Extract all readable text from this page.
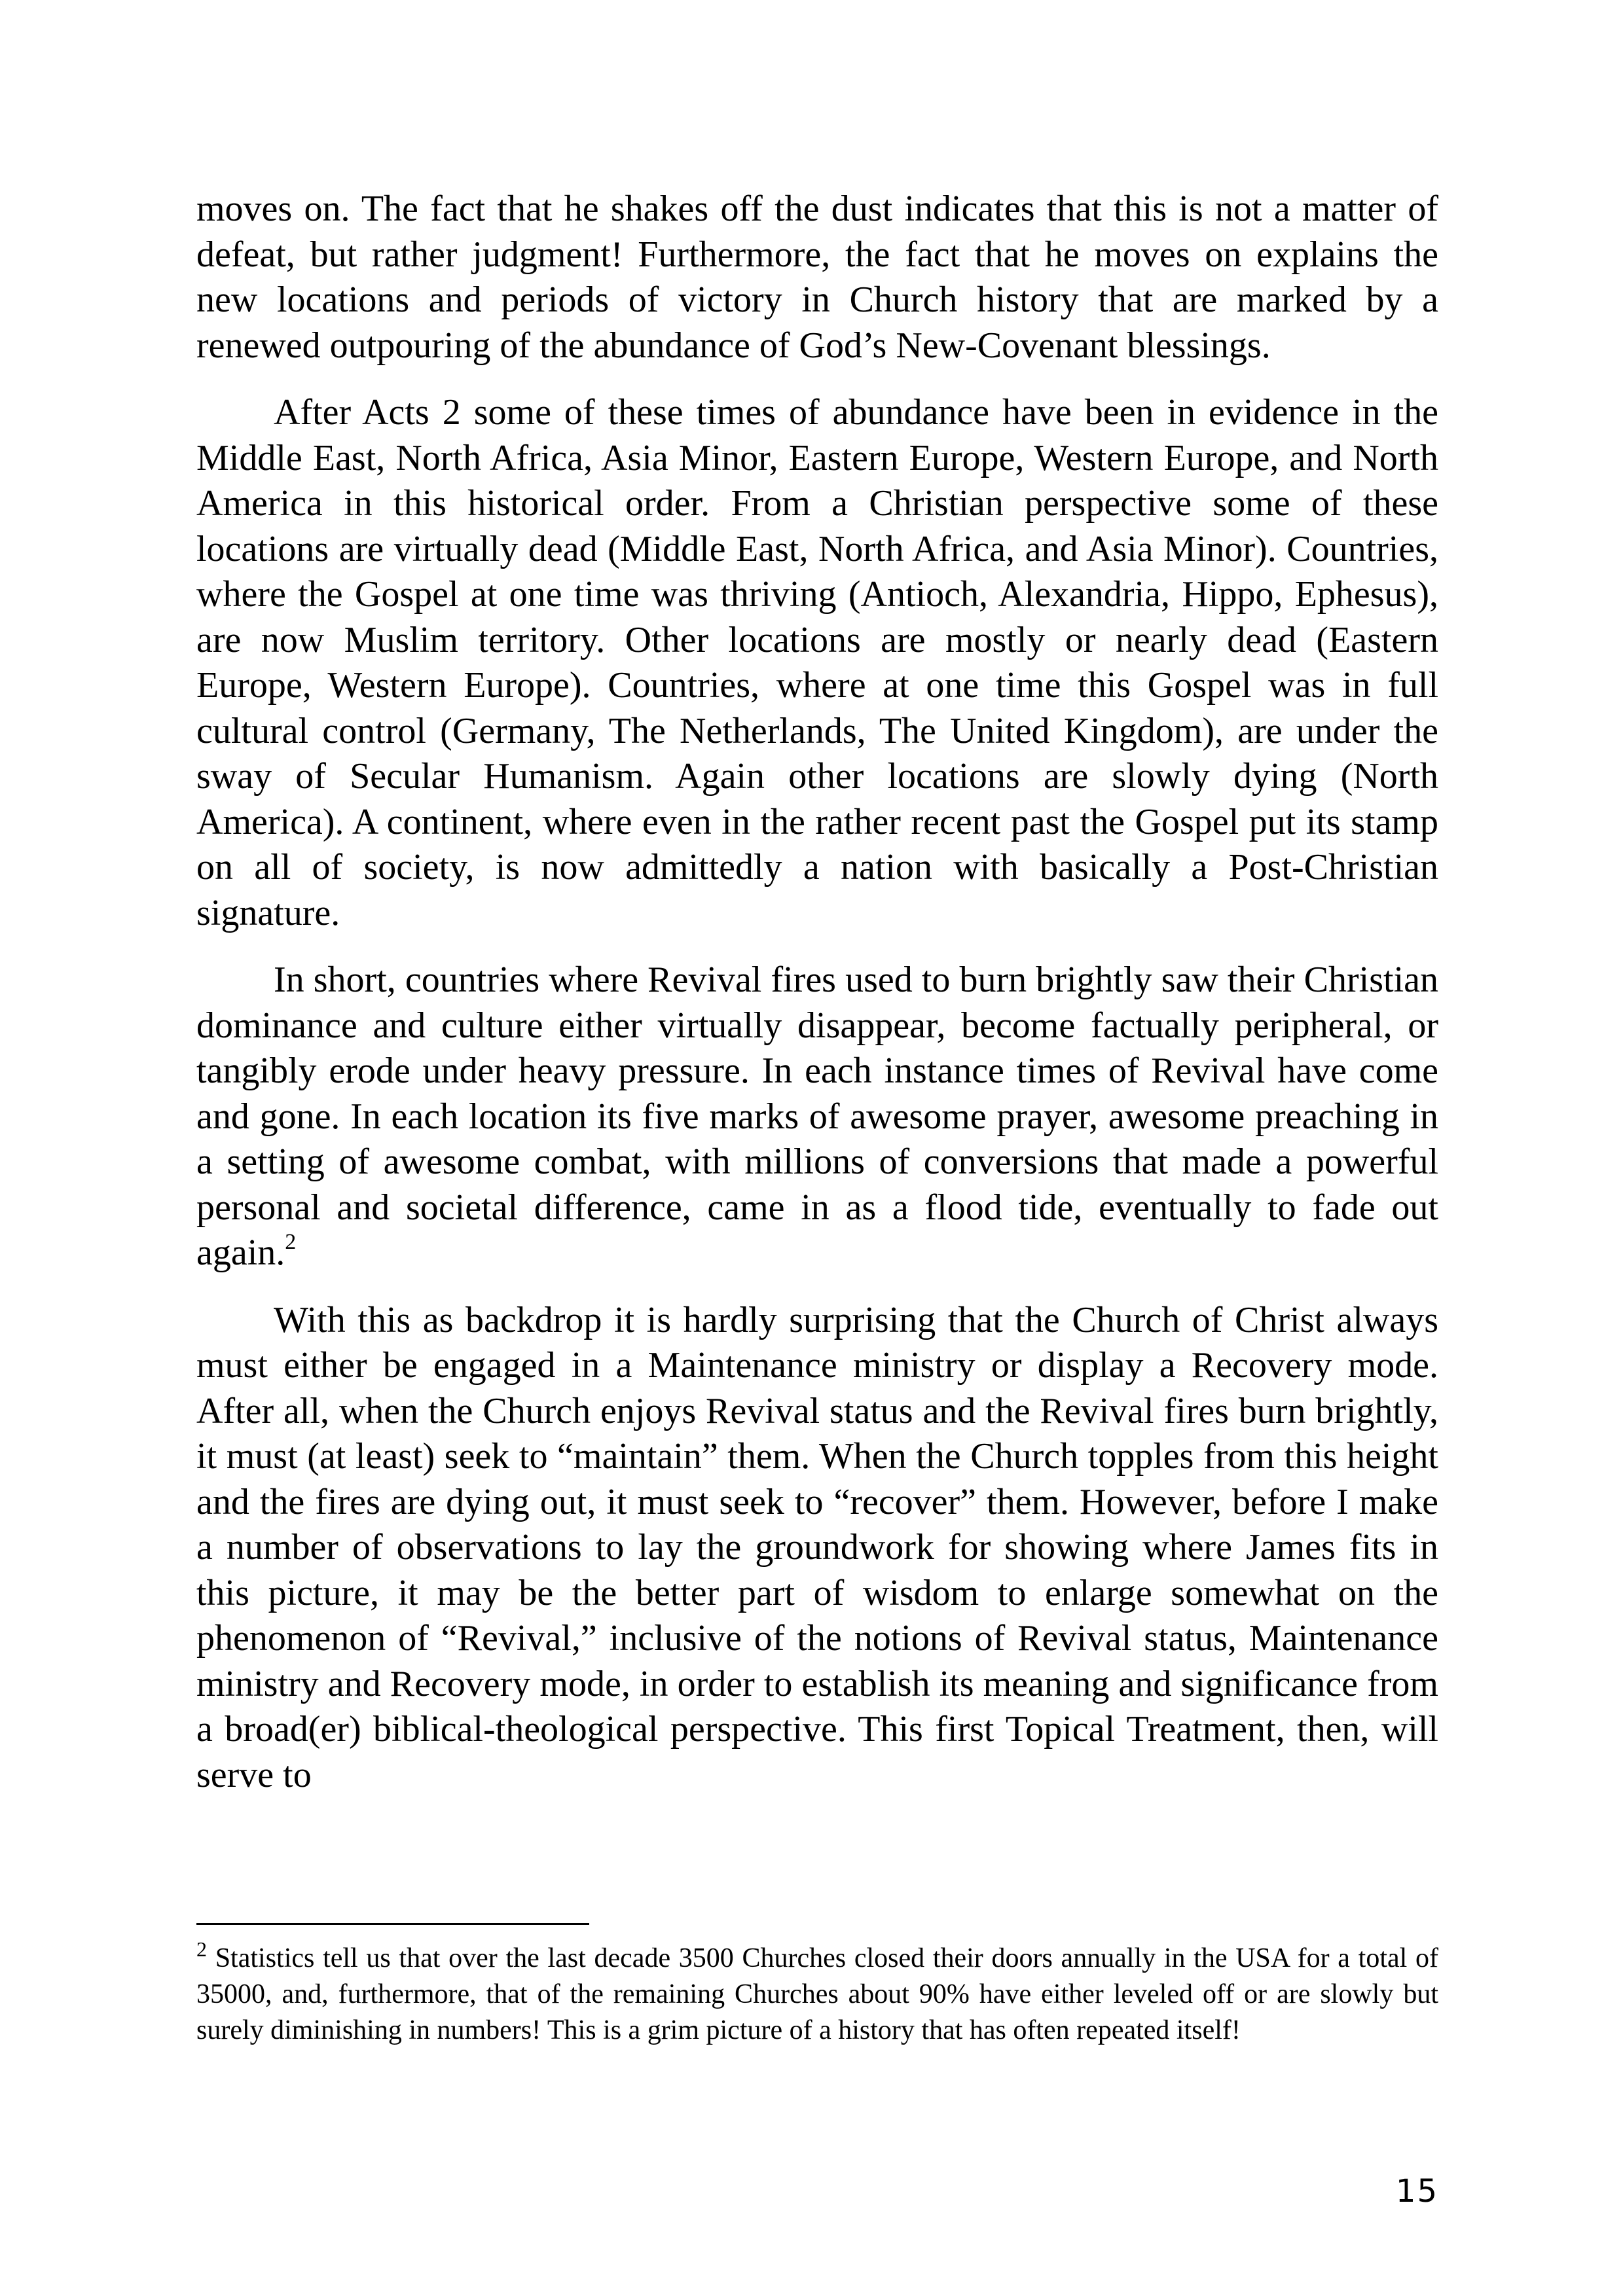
moves on. The fact that he shakes off the dust indicates that this is not a matter of defeat, but rather judgment! Furthermore, the fact that he moves on explains the new locations and periods of victory in Church history that are marked by a renewed outpouring of the abundance of God’s New-Covenant blessings.

After Acts 2 some of these times of abundance have been in evidence in the Middle East, North Africa, Asia Minor, Eastern Europe, Western Europe, and North America in this historical order. From a Christian perspective some of these locations are virtually dead (Middle East, North Africa, and Asia Minor). Countries, where the Gospel at one time was thriving (Antioch, Alexandria, Hippo, Ephesus), are now Muslim territory. Other locations are mostly or nearly dead (Eastern Europe, Western Europe). Countries, where at one time this Gospel was in full cultural control (Germany, The Netherlands, The United Kingdom), are under the sway of Secular Humanism. Again other locations are slowly dying (North America). A continent, where even in the rather recent past the Gospel put its stamp on all of society, is now admittedly a nation with basically a Post-Christian signature.

In short, countries where Revival fires used to burn brightly saw their Christian dominance and culture either virtually disappear, become factually peripheral, or tangibly erode under heavy pressure. In each instance times of Revival have come and gone. In each location its five marks of awesome prayer, awesome preaching in a setting of awesome combat, with millions of conversions that made a powerful personal and societal difference, came in as a flood tide, eventually to fade out again.$^2$

With this as backdrop it is hardly surprising that the Church of Christ always must either be engaged in a Maintenance ministry or display a Recovery mode. After all, when the Church enjoys Revival status and the Revival fires burn brightly, it must (at least) seek to “maintain” them. When the Church topples from this height and the fires are dying out, it must seek to “recover” them. However, before I make a number of observations to lay the groundwork for showing where James fits in this picture, it may be the better part of wisdom to enlarge somewhat on the phenomenon of “Revival,” inclusive of the notions of Revival status, Maintenance ministry and Recovery mode, in order to establish its meaning and significance from a broad(er) biblical-theological perspective. This first Topical Treatment, then, will serve to

$^2$ Statistics tell us that over the last decade 3500 Churches closed their doors annually in the USA for a total of 35000, and, furthermore, that of the remaining Churches about 90% have either leveled off or are slowly but surely diminishing in numbers! This is a grim picture of a history that has often repeated itself!
15
